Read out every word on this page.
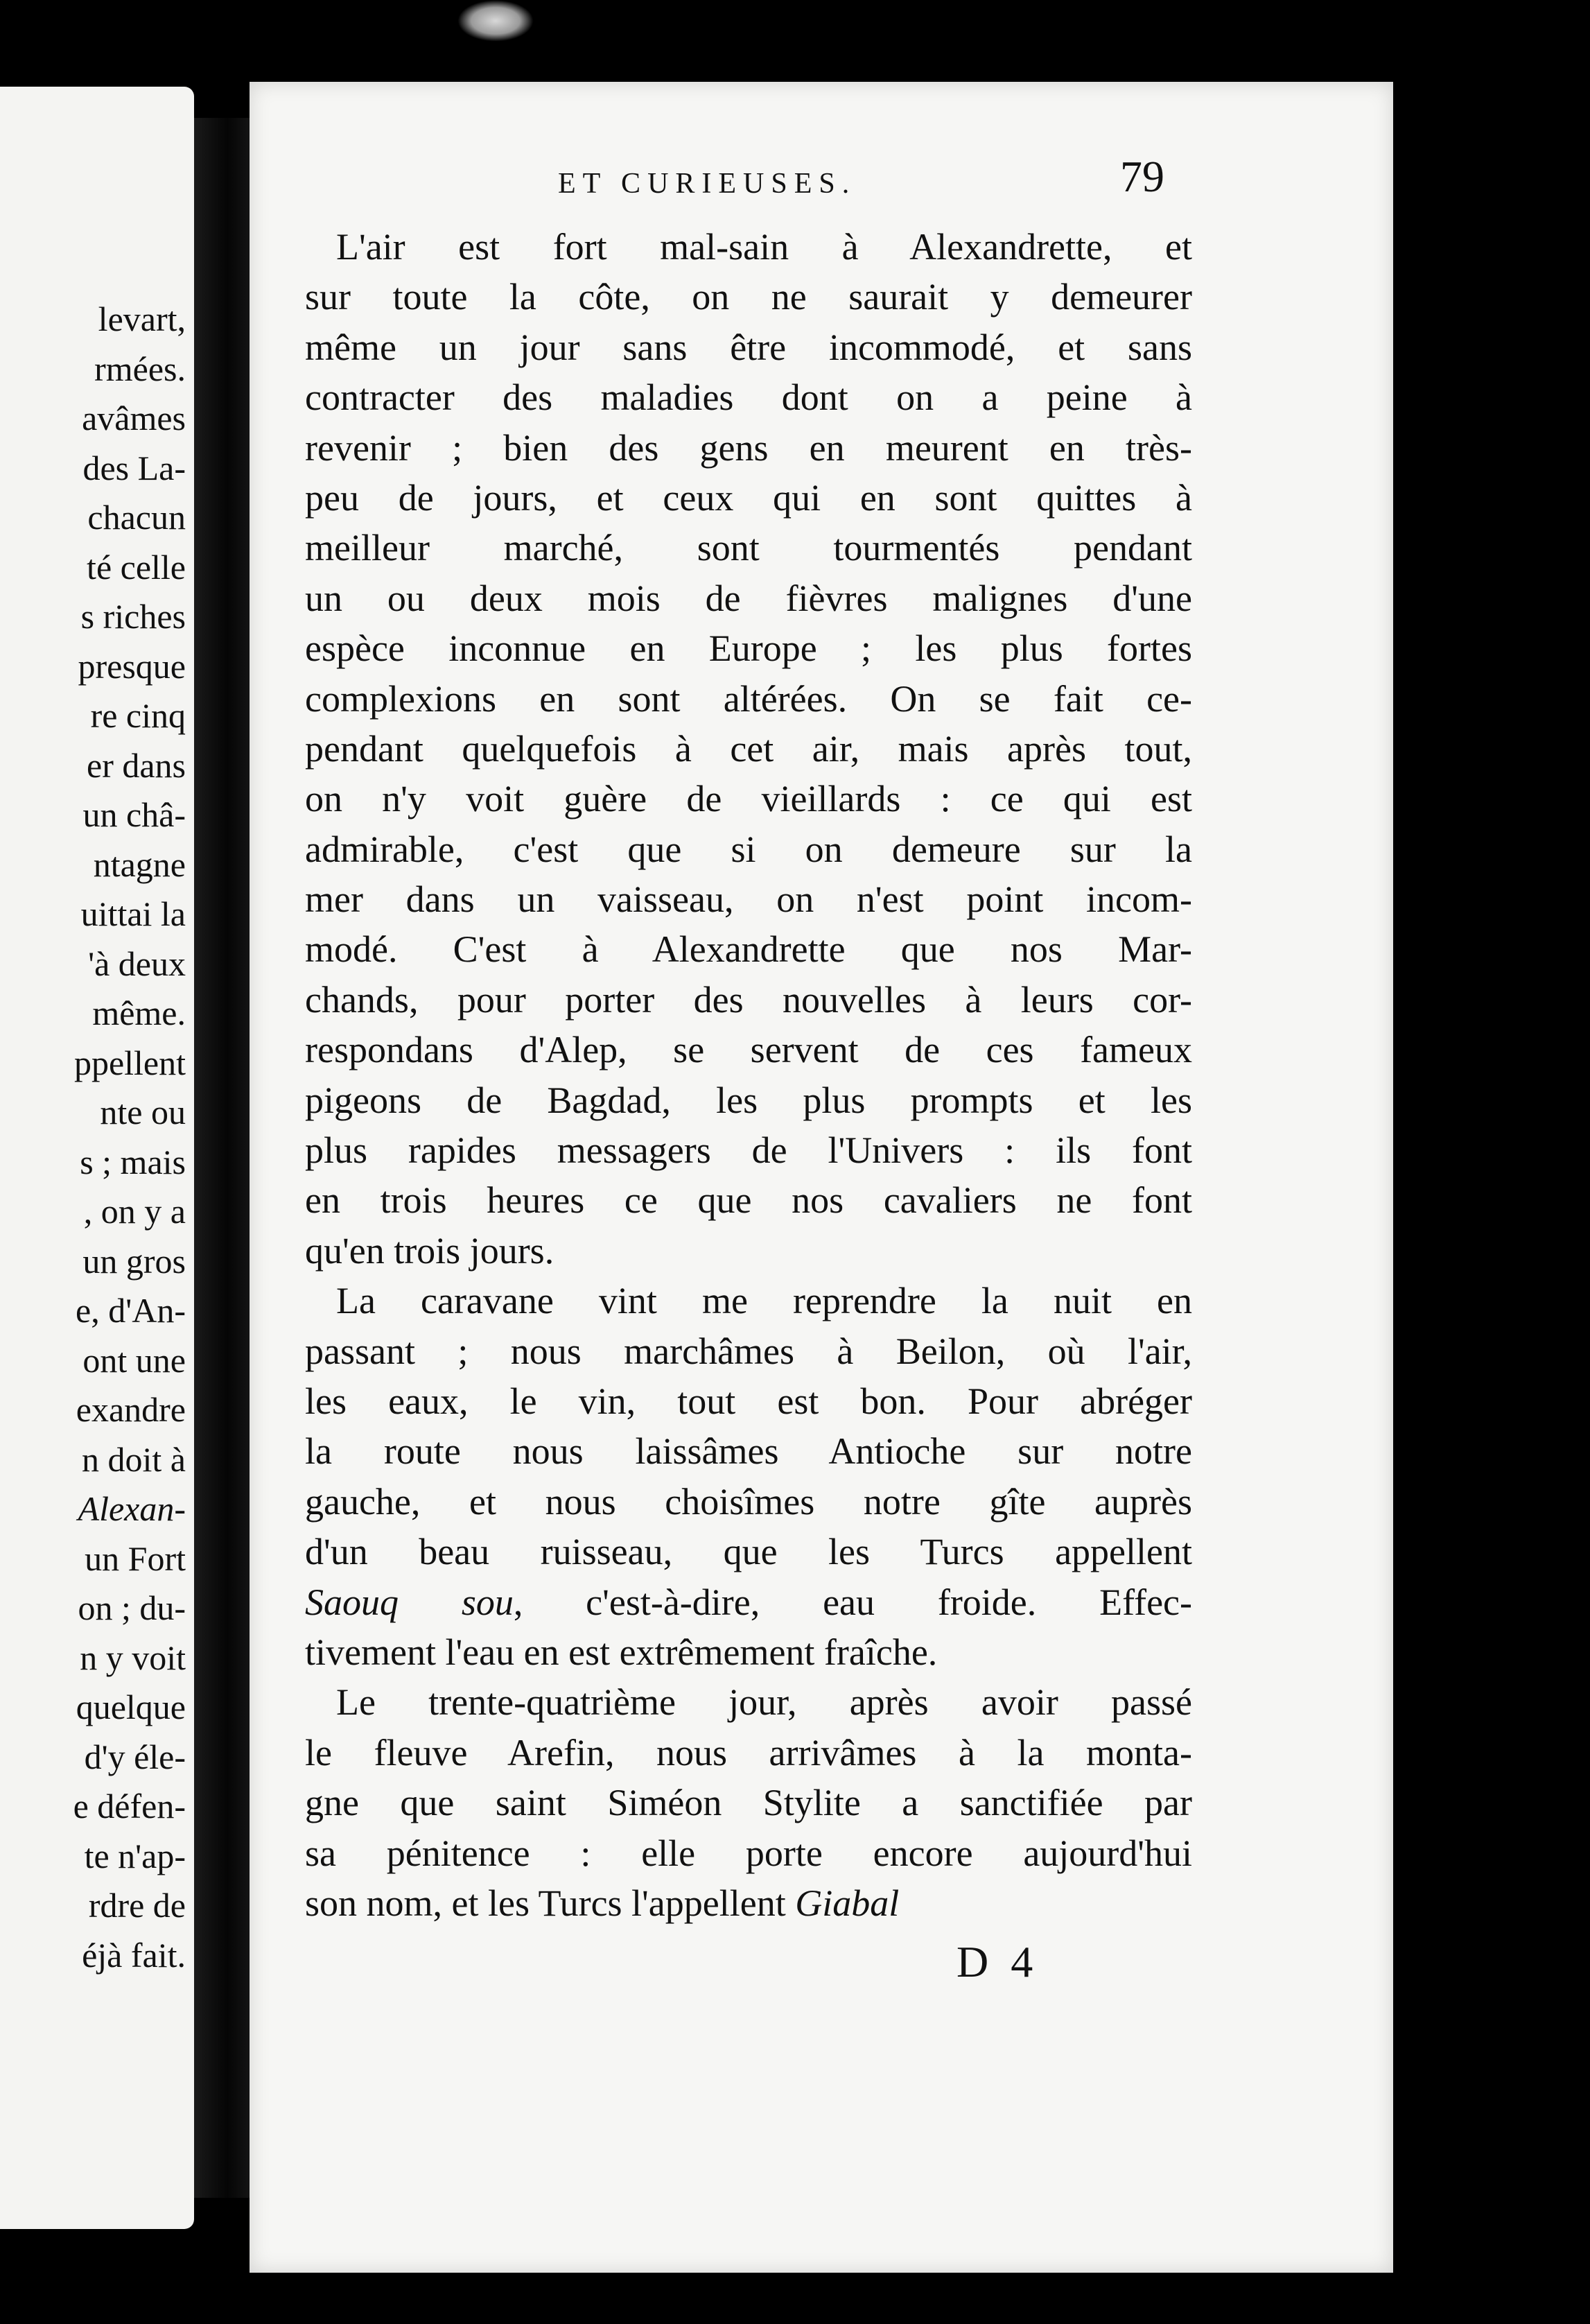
levart,
rmées.
avâmes
des La-
chacun
té celle
s riches
presque
re cinq
er dans
un châ-
ntagne
uittai la
'à deux
même.
ppellent
nte ou
s ; mais
, on y a
un gros
e, d'An-
ont une
exandre
n doit à
Alexan-
un Fort
on ; du-
n y voit
quelque
d'y éle-
e défen-
te n'ap-
rdre de
éjà fait.
ET CURIEUSES.	79
L'air est fort mal-sain à Alexandrette, et
sur toute la côte, on ne saurait y demeurer
même un jour sans être incommodé, et sans
contracter des maladies dont on a peine à
revenir ; bien des gens en meurent en très-
peu de jours, et ceux qui en sont quittes à
meilleur marché, sont tourmentés pendant
un ou deux mois de fièvres malignes d'une
espèce inconnue en Europe ; les plus fortes
complexions en sont altérées. On se fait ce-
pendant quelquefois à cet air, mais après tout,
on n'y voit guère de vieillards : ce qui est
admirable, c'est que si on demeure sur la
mer dans un vaisseau, on n'est point incom-
modé. C'est à Alexandrette que nos Mar-
chands, pour porter des nouvelles à leurs cor-
respondans d'Alep, se servent de ces fameux
pigeons de Bagdad, les plus prompts et les
plus rapides messagers de l'Univers : ils font
en trois heures ce que nos cavaliers ne font
qu'en trois jours.
La caravane vint me reprendre la nuit en
passant ; nous marchâmes à Beilon, où l'air,
les eaux, le vin, tout est bon. Pour abréger
la route nous laissâmes Antioche sur notre
gauche, et nous choisîmes notre gîte auprès
d'un beau ruisseau, que les Turcs appellent
Saouq sou, c'est-à-dire, eau froide. Effec-
tivement l'eau en est extrêmement fraîche.
Le trente-quatrième jour, après avoir passé
le fleuve Arefin, nous arrivâmes à la monta-
gne que saint Siméon Stylite a sanctifiée par
sa pénitence : elle porte encore aujourd'hui
son nom, et les Turcs l'appellent Giabal
D 4
